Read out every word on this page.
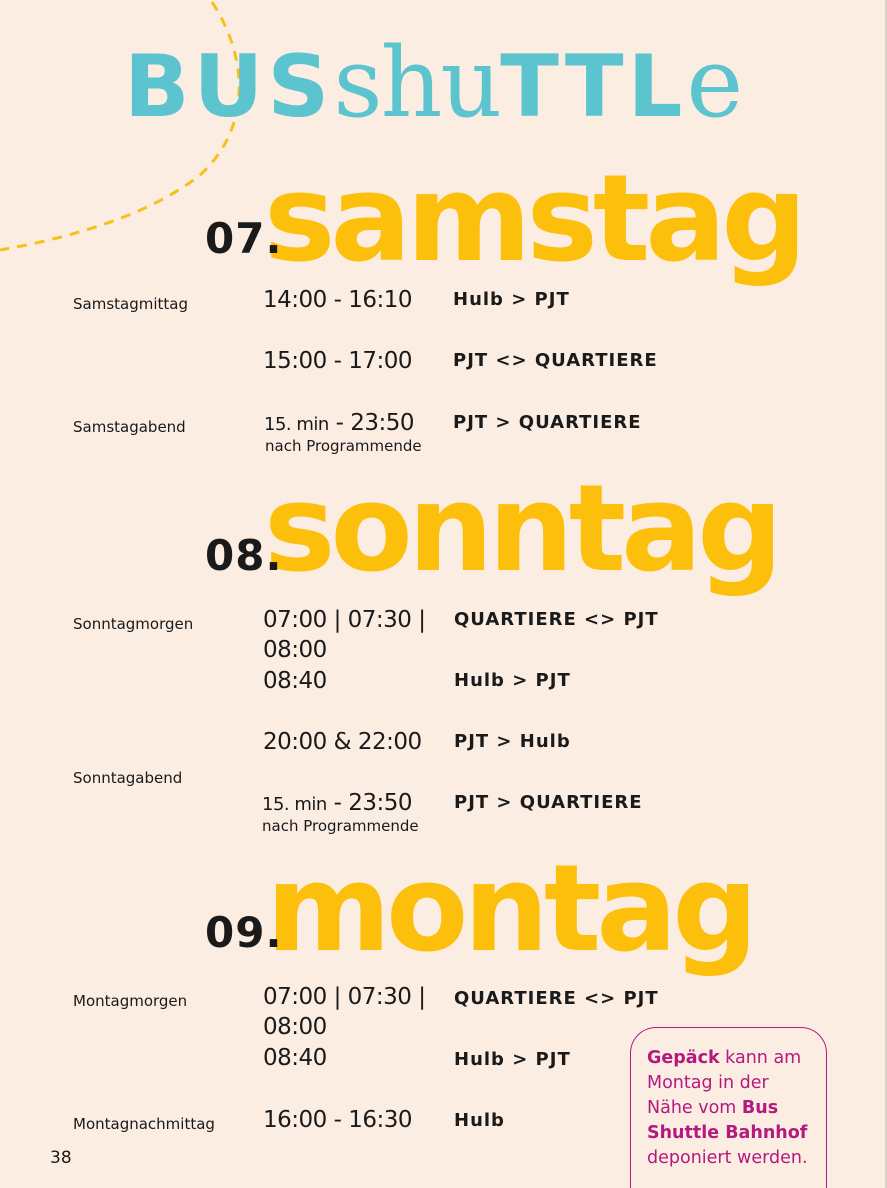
BUSshuTTLe
samstag
07.
Samstagmittag	14:00 - 16:10 Hulb > PJT
15:00 - 17:00 PJT <> QUARTIERE
Samstagabend	15. min - 23:50
nach Programmende
PJT > QUARTIERE
sonntag
08.
Sonntagmorgen	07:00 | 07:30 |
08:00
QUARTIERE <> PJT
08:40	Hulb > PJT
20:00 & 22:00 PJT > Hulb
Sonntagabend
15. min - 23:50
nach Programmende
PJT > QUARTIERE
montag
09.
Montagmorgen	07:00 | 07:30 |
08:00
QUARTIERE <> PJT
08:40	Hulb > PJT
Montagnachmittag 16:00 - 16:30 Hulb
Gepäck kann am Montag in der Nähe vom Bus Shuttle Bahnhof deponiert werden.
38
